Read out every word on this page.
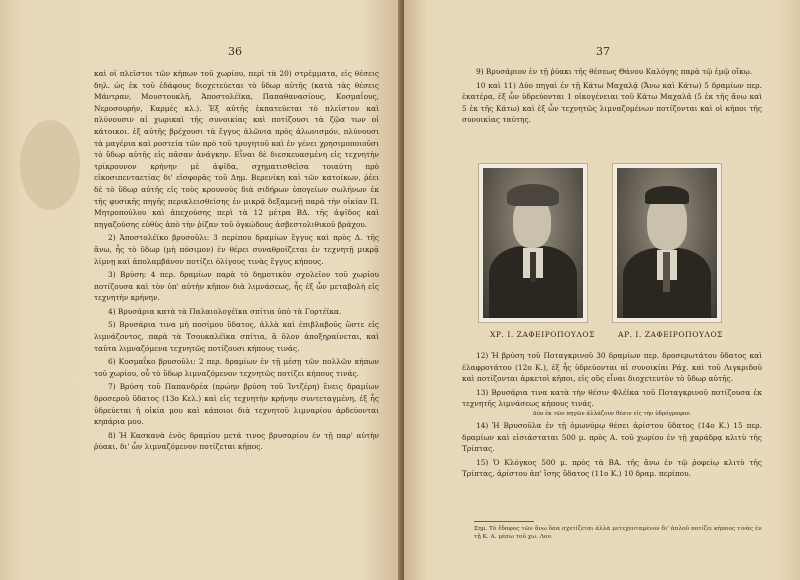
36

καὶ οἱ πλεῖστοι τῶν κήπων τοῦ χωρίου, περὶ τὰ 20) στρέμματα, εἰς θέσεις δηλ. ὡς ἐκ τοῦ ἐδάφους διοχετεύεται τὸ ὕδωρ αὐτῆς (κατὰ τὰς θέσεις Μάντραν, Μουστουκλῆ, Ἀποστολέϊκα, Παπαθανασίους, Κοσμαΐους, Νεροσουρήν, Καρμές κλ.). Ἐξ αὐτῆς ἐκπατεύεται τὸ πλεῖστον καὶ πλύνουσιν αἱ χωρικαὶ τῆς συνοικίας καὶ ποτίζουσι τὰ ζῷα των οἱ κάτοικοι. ἐξ αὐτῆς βρέχουσι τὰ ἔγγυς ἀλῶνια πρὸς ἁλωνισμόν, πλύνουσι τὰ μαγέρια καὶ ροστεία τῶν πρὸ τοῦ τρυγητοῦ καὶ ἐν γένει χρησιμοποιοῦσι τὸ ὕδωρ αὐτῆς εἰς πᾶσαν ἀνάγκην. Εἶναι δὲ διεσκευασμένη εἰς τεχνητὴν τρίκρουνον κρήνην μὲ ἀψῖδα, σχηματισθεῖσα τοιαύτη πρὸ εἰκοσιπενταετίας δι' εἰσφορᾶς τοῦ Δημ. Βερενίκη καὶ τῶν κατοίκων, ῥέει δὲ τὸ ὕδωρ αὐτῆς εἰς τοὺς κρουνοὺς διὰ σιδήρων ὑπογείων σωλήνων ἐκ τῆς φυσικῆς πηγῆς περικλεισθείσης ἐν μικρᾷ δεξαμενῇ παρὰ τὴν οἰκίαν Π. Μητροπούλου καὶ ἀπεχούσης περὶ τὰ 12 μέτρα ΒΔ. τῆς ἀψῖδος καὶ πηγαζούσης εὐθὺς ἀπὸ τὴν ῥίζαν τοῦ ὀγκώδους ἀσβεστολιθικοῦ βράχου.

2) Ἀποστολέϊκο βρυσοῦλι: 3 περίπου δραμίων ἔγγυς καὶ πρὸς Δ. τῆς ἄνω, ἧς τὸ ὕδωρ (μὴ πόσιμον) ἐν θέρει συναθροίζεται ἐν τεχνητῇ μικρᾷ λίμνῃ καὶ ἀπολαμβάνον ποτίζει ὀλίγους τινὰς ἔγγυς κήπους.

3) Βρύση: 4 περ. δραμίων παρὰ τὸ δημοτικὸν σχολεῖον τοῦ χωρίου ποτίζουσα καὶ τὸν ὑπ' αὐτὴν κῆπον διὰ λιμνάσεως, ἧς ἐξ ὧν μεταβολὴ εἰς τεχνητὴν κρήνην.

4) Βρυσάρια κατὰ τὰ Παλαιολογέϊκα σπίτια ὑπὸ τὰ Γορτέϊκα.

5) Βρυσάρια τινα μὴ ποσίμου ὕδατος, ἀλλὰ καὶ ἐπιβλαβοῦς ὥστε εἰς λιμνάζοντος, παρὰ τὰ Τσουκαλέϊκα σπίτια, ἃ ὅλον ἀποξηραίνεται, καὶ ταῦτα λιμναζόμενα τεχνητῶς ποτίζουσι κήπους τινάς.

6) Κοσμαΐκο βρυσοῦλι: 2 περ. δραμίων ἐν τῇ μέσῃ τῶν πολλῶν κήπων τοῦ χωρίου, οὗ τὸ ὕδωρ λιμναζόμενον τεχνητῶς ποτίζει κήπους τινάς.

7) Βρύση τοῦ Παπανδρέα (πρώην βρύση τοῦ Ἰντζέρη) ἔνεις δραμίων δροσεροῦ ὕδατος (13ο Κελ.) καὶ εἰς τεχνητὴν κρήνην συντεταγμένη, ἐξ ἧς ὑδρεύεται ἡ οἰκία μου καὶ κάποιοι διὰ τεχνητοῦ λιμναρίου ἀρδεύονται κηπάρια μου.

8) Ἡ Κασκανὰ ἑνὸς δραμίου μετά τινος βρυσαρίου ἐν τῇ παρ' αὐτὴν ῥύακι, δι' ὧν λιμναζόμενον ποτίζεται κῆπος.

37

9) Βρυσάριον ἐν τῇ ῥύακι τῆς θέσεως Θάνου Καλόγης παρὰ τῷ ἐμῷ οἴκῳ.

10 καὶ 11) Δύο πηγαὶ ἐν τῇ Κάτω Μαχαλᾷ (Ἄνω καὶ Κάτω) 5 δραμίων περ. ἑκατέρα, ἐξ ὧν ὑδρεύονται 1 οἰκογένειαι τοῦ Κάτω Μαχαλᾶ (5 ἐκ τῆς ἄνω καὶ 5 ἐκ τῆς Κάτω) καὶ ἐξ ὧν τεχνητῶς λιμναζομένων ποτίζονται καὶ οἱ κῆποι τῆς συνοικίας ταύτης.

ΧΡ. Ι. ΖΑΦΕΙΡΟΠΟΥΛΟΣ	ΑΡ. Ι. ΖΑΦΕΙΡΟΠΟΥΛΟΣ

12) Ἡ βρύση τοῦ Ποταγκρινοῦ 30 δραμίων περ. δροσερωτάτου ὕδατος καὶ ἐλαφροτάτου (12ο Κ.), ἐξ ἧς ὑδρεύονται αἱ συνοικίαι Ράχ. καὶ τοῦ Λιγκριδοῦ καὶ ποτίζονται ἀρκετοὶ κῆποι, εἰς οὓς εἶναι διοχετευτὸν τὸ ὕδωρ αὐτῆς.

13) Βρυσάρια τινα κατὰ τὴν θέσιν Φλέϊκα τοῦ Ποταγκρινοῦ ποτίζουσα ἐκ τεχνητῆς λιμνάσεως κήπους τινάς.

Δύο ἐκ τῶν πηγῶν ἀλλάζουν θέσιν εἰς τὴν ὑδρόγραφον.

14) Ἡ Βρυσοῦλα ἐν τῇ ὁμωνύμῳ θέσει ἀρίστου ὕδατος (14ο Κ.) 15 περ. δραμίων καὶ εἰσιάσταται 500 μ. πρὸς Α. τοῦ χωρίου ἐν τῇ χαράδρᾳ κλιτὺ τῆς Τρίπτας.

15) Ὁ Κλόγκος 500 μ. πρὸς τὰ ΒΑ. τῆς ἄνω ἐν τῷ ῥοφείῳ κλιτὺ τῆς Τρίπτας, ἀρίστου ἀπ' ἴσης ὕδατος (11ο Κ.) 10 δραμ. περίπου.

Σημ. Τὸ ἔδαφος τῶν ἄνω ὅσα σχετίζεται ἀλλὰ μετεχενταμένον δι' ἀπλοῦ ποτίζει κήπους τινὰς ἐν τῇ Κ. Α. μέσω τοῦ χω. Λον.
